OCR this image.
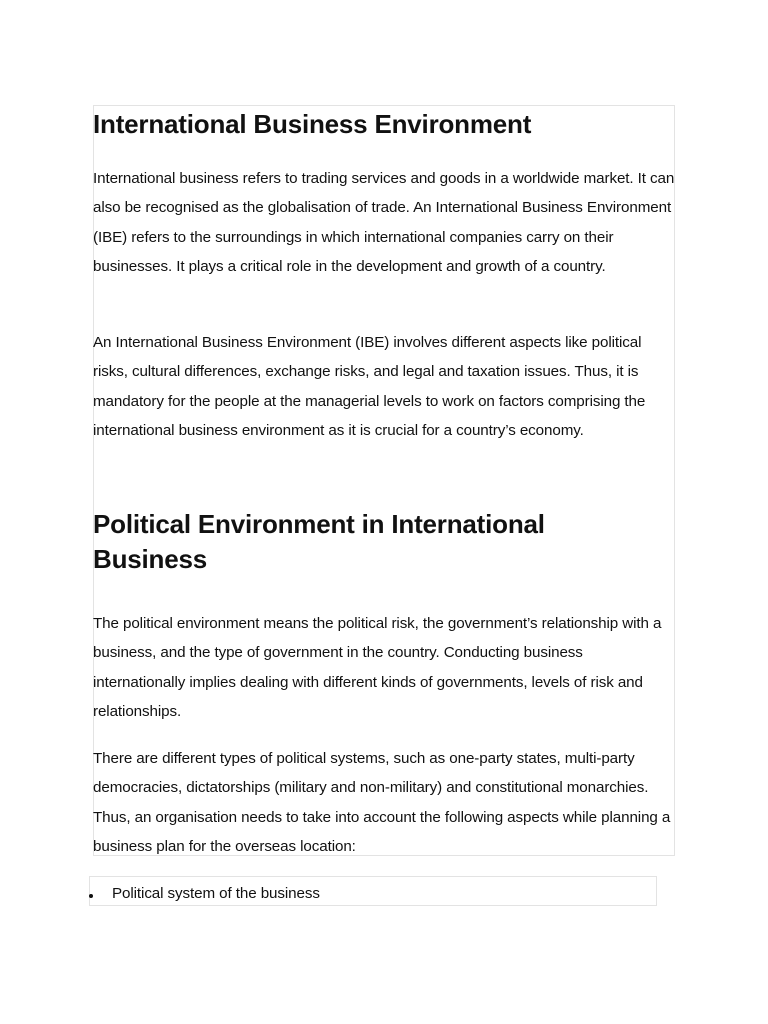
International Business Environment

International business refers to trading services and goods in a worldwide market. It can also be recognised as the globalisation of trade. An International Business Environment (IBE) refers to the surroundings in which international companies carry on their businesses. It plays a critical role in the development and growth of a country.

An International Business Environment (IBE) involves different aspects like political risks, cultural differences, exchange risks, and legal and taxation issues. Thus, it is mandatory for the people at the managerial levels to work on factors comprising the international business environment as it is crucial for a country’s economy.

Political Environment in International Business

The political environment means the political risk, the government’s relationship with a business, and the type of government in the country. Conducting business internationally implies dealing with different kinds of governments, levels of risk and relationships.

There are different types of political systems, such as one-party states, multi-party democracies, dictatorships (military and non-military) and constitutional monarchies. Thus, an organisation needs to take into account the following aspects while planning a business plan for the overseas location:

Political system of the business
